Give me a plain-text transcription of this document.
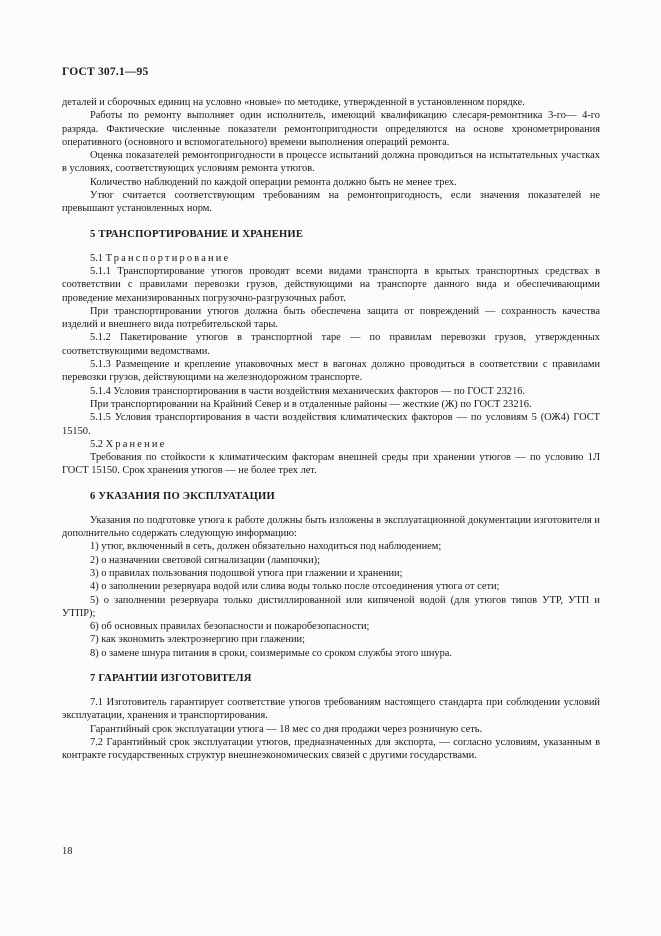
ГОСТ 307.1—95

деталей и сборочных единиц на условно «новые» по методике, утвержденной в установленном порядке.

Работы по ремонту выполняет один исполнитель, имеющий квалификацию слесаря-ремонтника 3-го— 4-го разряда. Фактические численные показатели ремонтопригодности определяются на основе хронометрирования оперативного (основного и вспомогательного) времени выполнения операций ремонта.

Оценка показателей ремонтопригодности в процессе испытаний должна проводиться на испытательных участках в условиях, соответствующих условиям ремонта утюгов.

Количество наблюдений по каждой операции ремонта должно быть не менее трех.

Утюг считается соответствующим требованиям на ремонтопригодность, если значения показателей не превышают установленных норм.

5 ТРАНСПОРТИРОВАНИЕ И ХРАНЕНИЕ

5.1 Транспортирование

5.1.1 Транспортирование утюгов проводят всеми видами транспорта в крытых транспортных средствах в соответствии с правилами перевозки грузов, действующими на транспорте данного вида и обеспечивающими проведение механизированных погрузочно-разгрузочных работ.

При транспортировании утюгов должна быть обеспечена защита от повреждений — сохранность качества изделий и внешнего вида потребительской тары.

5.1.2 Пакетирование утюгов в транспортной таре — по правилам перевозки грузов, утвержденных соответствующими ведомствами.

5.1.3 Размещение и крепление упаковочных мест в вагонах должно проводиться в соответствии с правилами перевозки грузов, действующими на железнодорожном транспорте.

5.1.4 Условия транспортирования в части воздействия механических факторов — по ГОСТ 23216.

При транспортировании на Крайний Север и в отдаленные районы — жесткие (Ж) по ГОСТ 23216.

5.1.5 Условия транспортирования в части воздействия климатических факторов — по условиям 5 (ОЖ4) ГОСТ 15150.

5.2 Хранение

Требования по стойкости к климатическим факторам внешней среды при хранении утюгов — по условию 1Л ГОСТ 15150. Срок хранения утюгов — не более трех лет.

6 УКАЗАНИЯ ПО ЭКСПЛУАТАЦИИ

Указания по подготовке утюга к работе должны быть изложены в эксплуатационной документации изготовителя и дополнительно содержать следующую информацию:

1) утюг, включенный в сеть, должен обязательно находиться под наблюдением;

2) о назначении световой сигнализации (лампочки);

3) о правилах пользования подошвой утюга при глажении и хранении;

4) о заполнении резервуара водой или слива воды только после отсоединения утюга от сети;

5) о заполнении резервуара только дистиллированной или кипяченой водой (для утюгов типов УТР, УТП и УТПР);

6) об основных правилах безопасности и пожаробезопасности;

7) как экономить электроэнергию при глажении;

8) о замене шнура питания в сроки, соизмеримые со сроком службы этого шнура.

7 ГАРАНТИИ ИЗГОТОВИТЕЛЯ

7.1 Изготовитель гарантирует соответствие утюгов требованиям настоящего стандарта при соблюдении условий эксплуатации, хранения и транспортирования.

Гарантийный срок эксплуатации утюга — 18 мес со дня продажи через розничную сеть.

7.2 Гарантийный срок эксплуатации утюгов, предназначенных для экспорта, — согласно условиям, указанным в контракте государственных структур внешнеэкономических связей с другими государствами.

18
